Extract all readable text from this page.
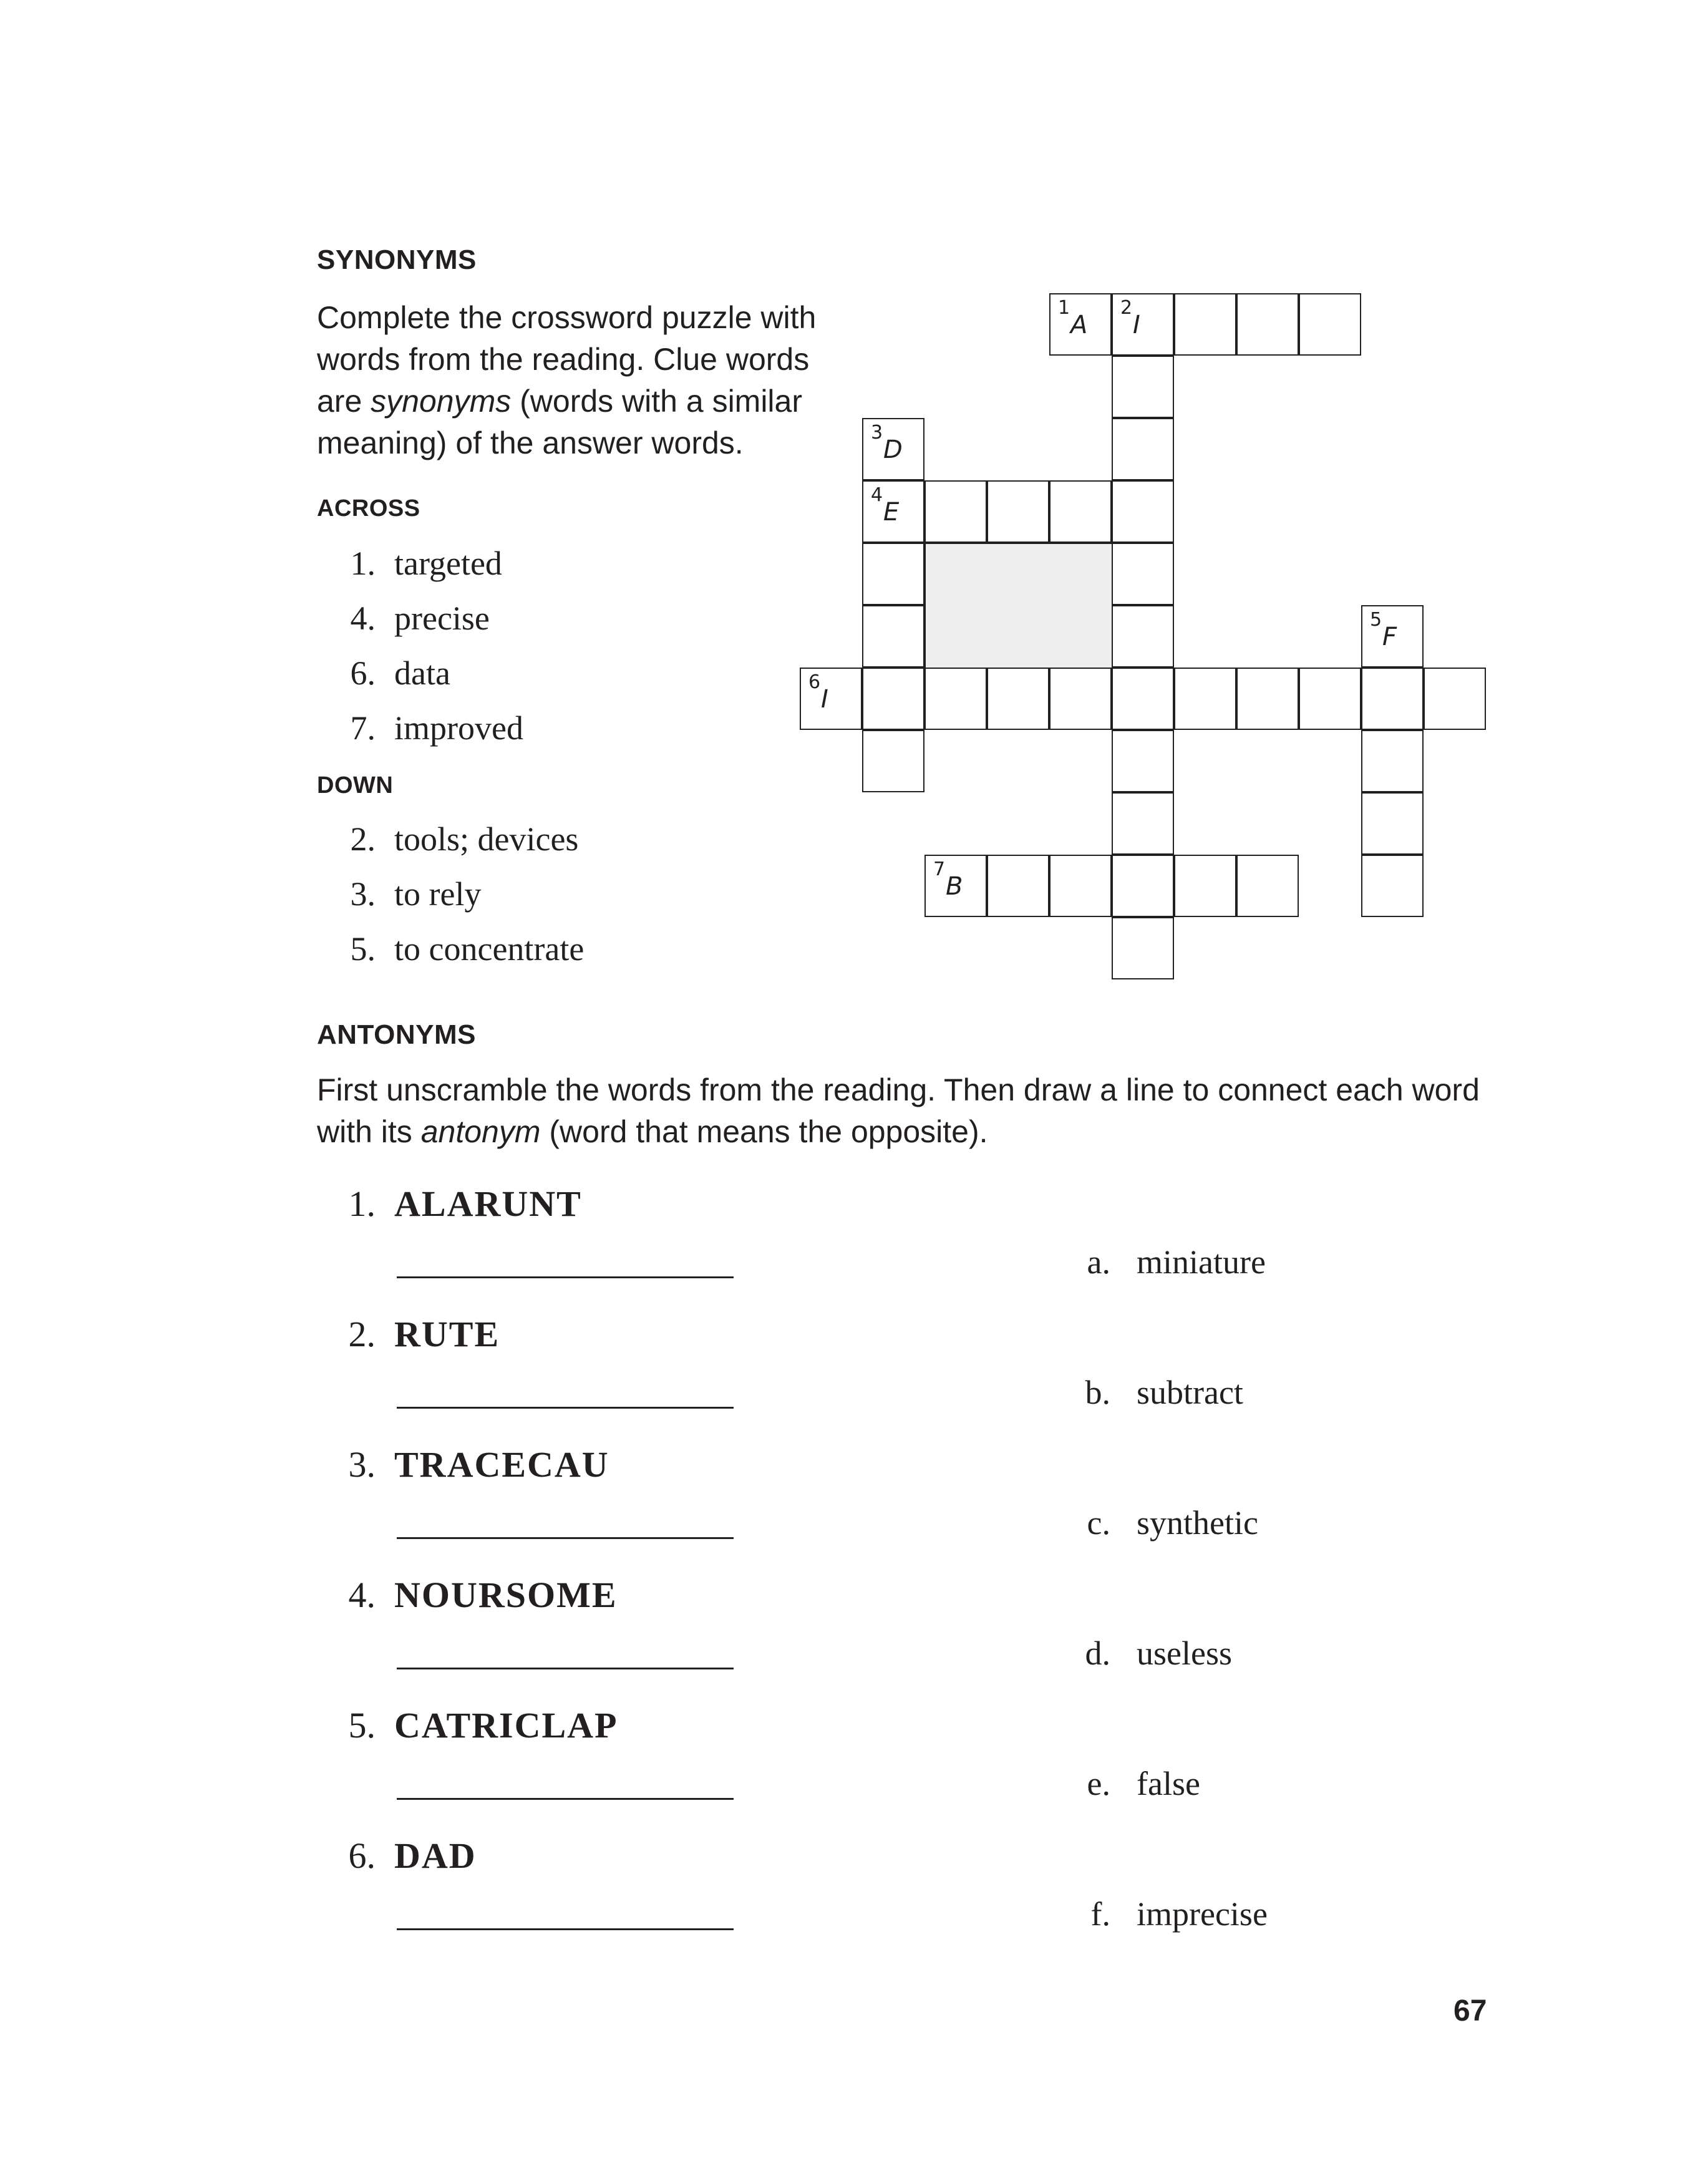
SYNONYMS
Complete the crossword puzzle with
words from the reading. Clue words
are synonyms (words with a similar
meaning) of the answer words.
ACROSS
1. targeted
4. precise
6. data
7. improved
DOWN
2. tools; devices
3. to rely
5. to concentrate
1
A
2
I
3
D
4
E
6
I
5
F
7
B
ANTONYMS
First unscramble the words from the reading. Then draw a line to connect each word
with its antonym (word that means the opposite).
1. ALARUNT
2. RUTE
3. TRACECAU
4. NOURSOME
5. CATRICLAP
6. DAD
a. miniature
b. subtract
c. synthetic
d. useless
e. false
f. imprecise
67
